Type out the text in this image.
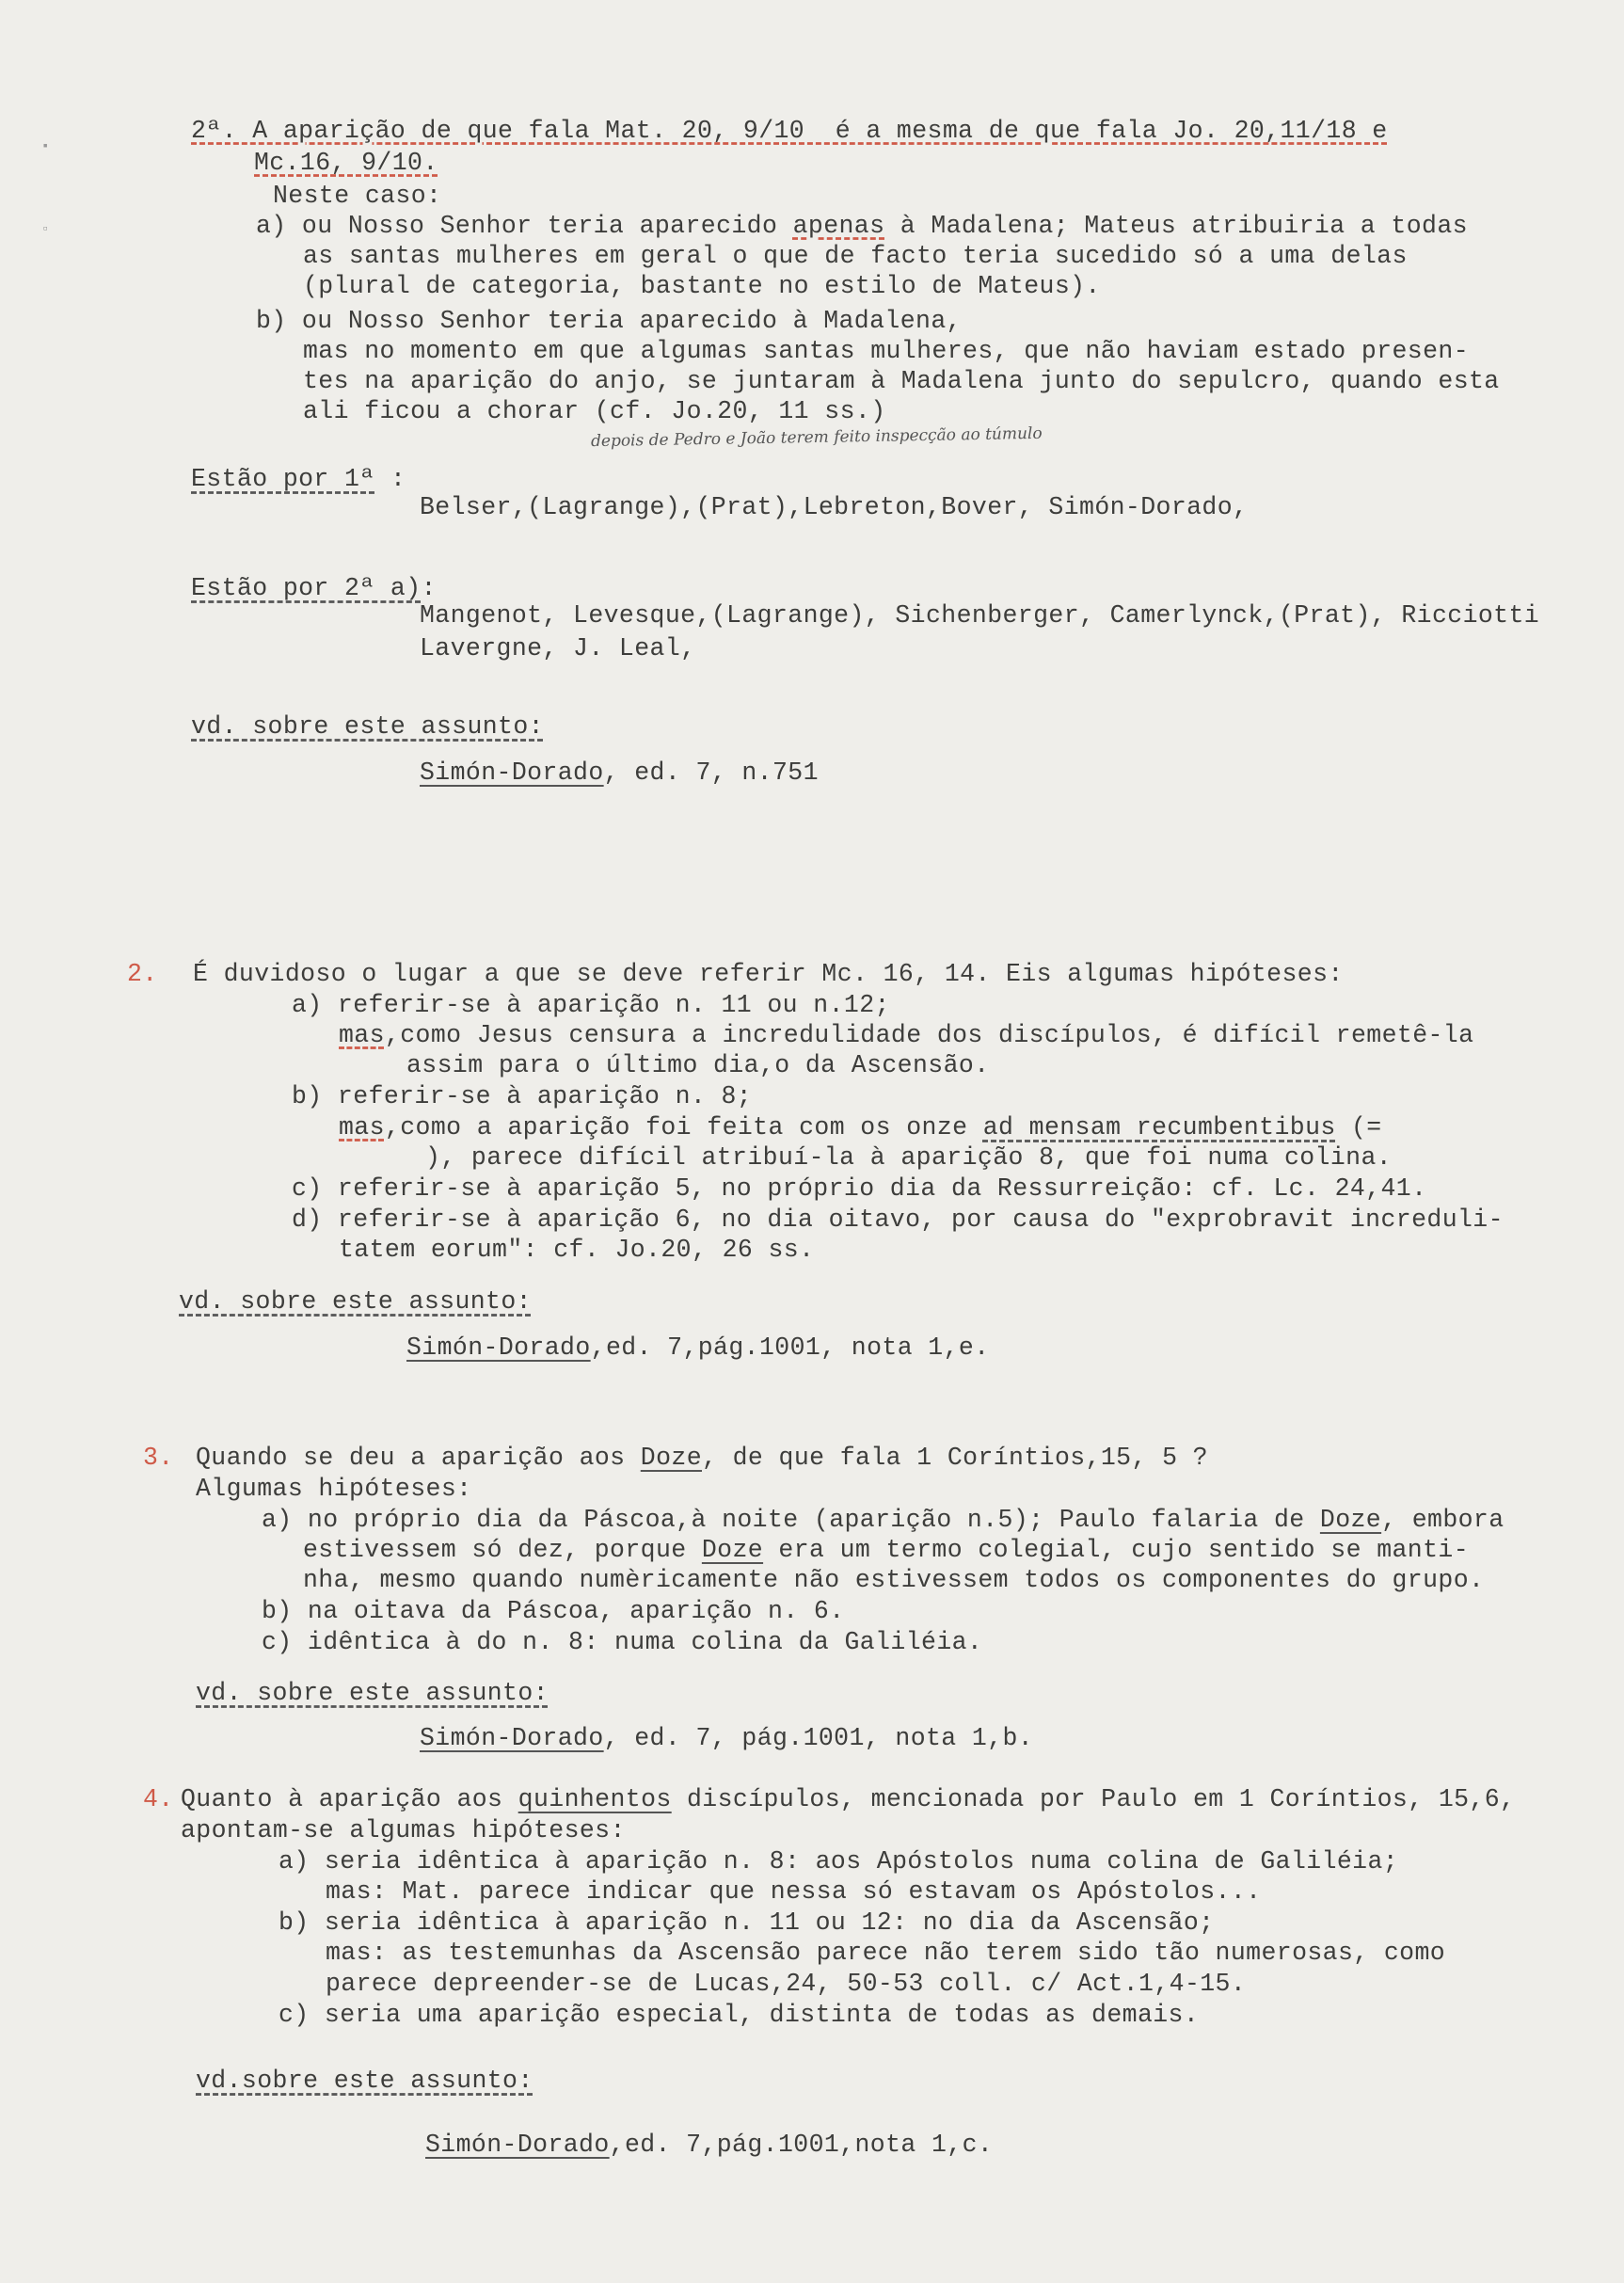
▪
▫
2ª. A aparição de que fala Mat. 20, 9/10  é a mesma de que fala Jo. 20,11/18 e
Mc.16, 9/10.
Neste caso:
a) ou Nosso Senhor teria aparecido apenas à Madalena; Mateus atribuiria a todas
as santas mulheres em geral o que de facto teria sucedido só a uma delas
(plural de categoria, bastante no estilo de Mateus).
b) ou Nosso Senhor teria aparecido à Madalena,
mas no momento em que algumas santas mulheres, que não haviam estado presen-
tes na aparição do anjo, se juntaram à Madalena junto do sepulcro, quando esta
ali ficou a chorar (cf. Jo.20, 11 ss.)
depois de Pedro e João terem feito inspecção ao túmulo
Estão por 1ª :
Belser,(Lagrange),(Prat),Lebreton,Bover, Simón-Dorado,
Estão por 2ª a):
Mangenot, Levesque,(Lagrange), Sichenberger, Camerlynck,(Prat), Ricciotti
Lavergne, J. Leal,
vd. sobre este assunto:
Simón-Dorado, ed. 7, n.751
2. É duvidoso o lugar a que se deve referir Mc. 16, 14. Eis algumas hipóteses:
a) referir-se à aparição n. 11 ou n.12;
mas,como Jesus censura a incredulidade dos discípulos, é difícil remetê-la
assim para o último dia,o da Ascensão.
b) referir-se à aparição n. 8;
mas,como a aparição foi feita com os onze ad mensam recumbentibus (=
), parece difícil atribuí-la à aparição 8, que foi numa colina.
c) referir-se à aparição 5, no próprio dia da Ressurreição: cf. Lc. 24,41.
d) referir-se à aparição 6, no dia oitavo, por causa do "exprobravit increduli-
tatem eorum": cf. Jo.20, 26 ss.
vd. sobre este assunto:
Simón-Dorado,ed. 7,pág.1001, nota 1,e.
3. Quando se deu a aparição aos Doze, de que fala 1 Coríntios,15, 5 ?
Algumas hipóteses:
a) no próprio dia da Páscoa,à noite (aparição n.5); Paulo falaria de Doze, embora
estivessem só dez, porque Doze era um termo colegial, cujo sentido se manti-
nha, mesmo quando numèricamente não estivessem todos os componentes do grupo.
b) na oitava da Páscoa, aparição n. 6.
c) idêntica à do n. 8: numa colina da Galiléia.
vd. sobre este assunto:
Simón-Dorado, ed. 7, pág.1001, nota 1,b.
4. Quanto à aparição aos quinhentos discípulos, mencionada por Paulo em 1 Coríntios, 15,6,
apontam-se algumas hipóteses:
a) seria idêntica à aparição n. 8: aos Apóstolos numa colina de Galiléia;
mas: Mat. parece indicar que nessa só estavam os Apóstolos...
b) seria idêntica à aparição n. 11 ou 12: no dia da Ascensão;
mas: as testemunhas da Ascensão parece não terem sido tão numerosas, como
parece depreender-se de Lucas,24, 50-53 coll. c/ Act.1,4-15.
c) seria uma aparição especial, distinta de todas as demais.
vd.sobre este assunto:
Simón-Dorado,ed. 7,pág.1001,nota 1,c.
